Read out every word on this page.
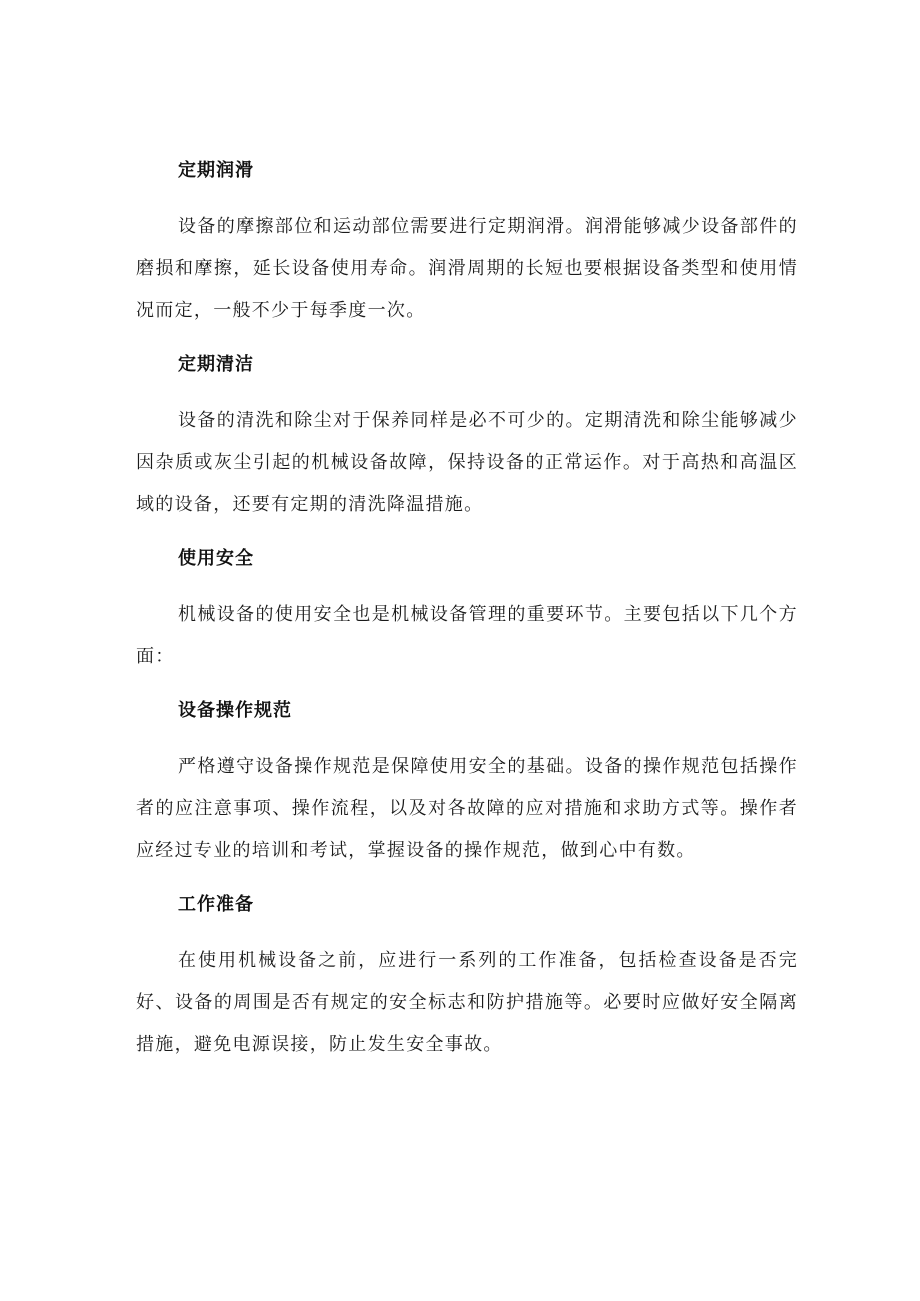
定期润滑

设备的摩擦部位和运动部位需要进行定期润滑。润滑能够减少设备部件的磨损和摩擦，延长设备使用寿命。润滑周期的长短也要根据设备类型和使用情况而定，一般不少于每季度一次。

定期清洁

设备的清洗和除尘对于保养同样是必不可少的。定期清洗和除尘能够减少因杂质或灰尘引起的机械设备故障，保持设备的正常运作。对于高热和高温区域的设备，还要有定期的清洗降温措施。

使用安全

机械设备的使用安全也是机械设备管理的重要环节。主要包括以下几个方面：

设备操作规范

严格遵守设备操作规范是保障使用安全的基础。设备的操作规范包括操作者的应注意事项、操作流程，以及对各故障的应对措施和求助方式等。操作者应经过专业的培训和考试，掌握设备的操作规范，做到心中有数。

工作准备

在使用机械设备之前，应进行一系列的工作准备，包括检查设备是否完好、设备的周围是否有规定的安全标志和防护措施等。必要时应做好安全隔离措施，避免电源误接，防止发生安全事故。
